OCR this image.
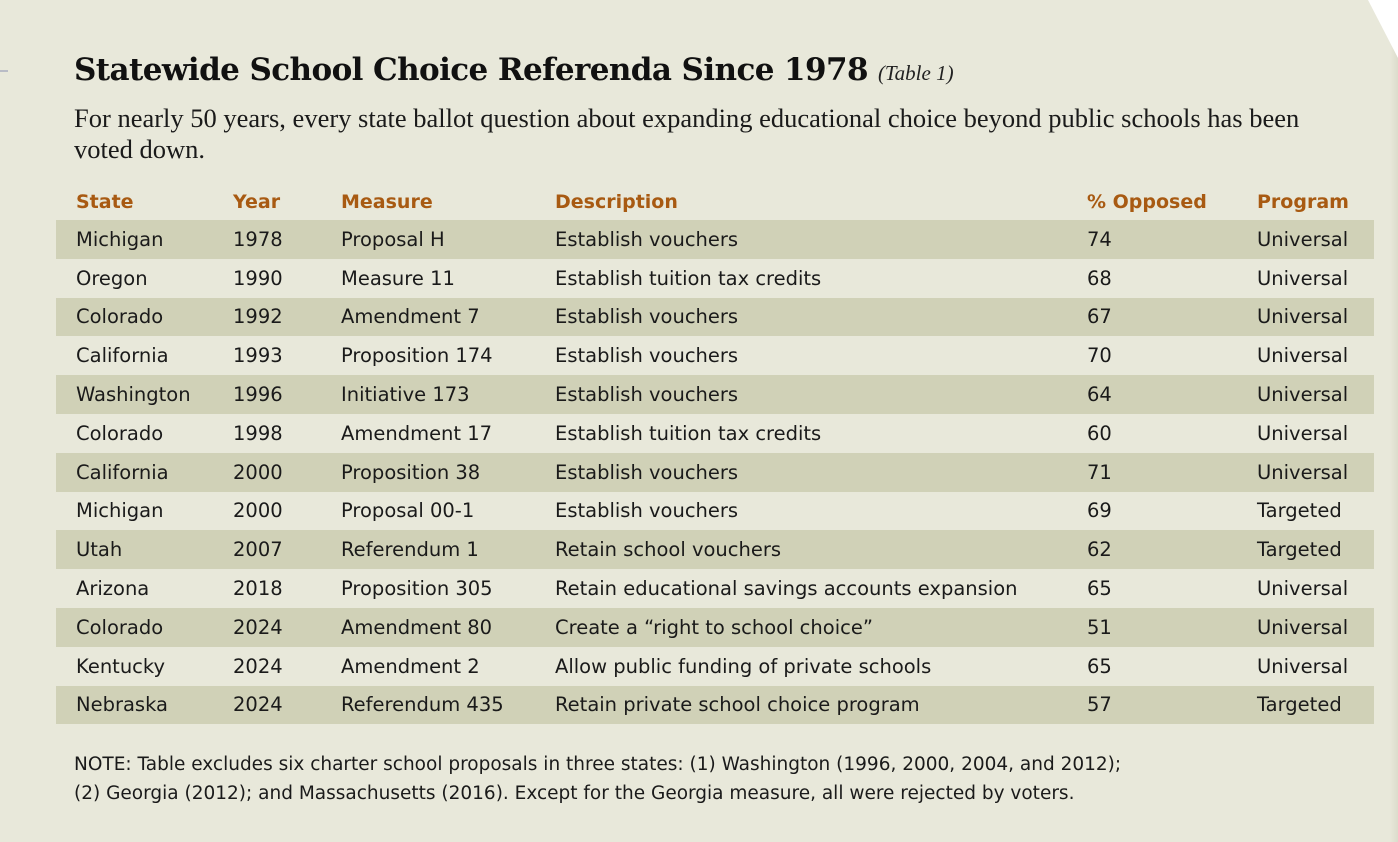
Statewide School Choice Referenda Since 1978 (Table 1)
For nearly 50 years, every state ballot question about expanding educational choice beyond public schools has been voted down.
State	Year	Measure	Description	% Opposed	Program
Michigan	1978	Proposal H	Establish vouchers	74	Universal
Oregon	1990	Measure 11	Establish tuition tax credits	68	Universal
Colorado	1992	Amendment 7	Establish vouchers	67	Universal
California	1993	Proposition 174	Establish vouchers	70	Universal
Washington 1996	Initiative 173	Establish vouchers	64	Universal
Colorado	1998	Amendment 17	Establish tuition tax credits	60	Universal
California	2000	Proposition 38	Establish vouchers	71	Universal
Michigan	2000	Proposal 00-1	Establish vouchers	69	Targeted
Utah	2007	Referendum 1	Retain school vouchers	62	Targeted
Arizona	2018	Proposition 305	Retain educational savings accounts expansion	65	Universal
Colorado	2024	Amendment 80	Create a “right to school choice”	51	Universal
Kentucky	2024	Amendment 2	Allow public funding of private schools	65	Universal
Nebraska	2024	Referendum 435	Retain private school choice program	57	Targeted
NOTE: Table excludes six charter school proposals in three states: (1) Washington (1996, 2000, 2004, and 2012);
(2) Georgia (2012); and Massachusetts (2016). Except for the Georgia measure, all were rejected by voters.
